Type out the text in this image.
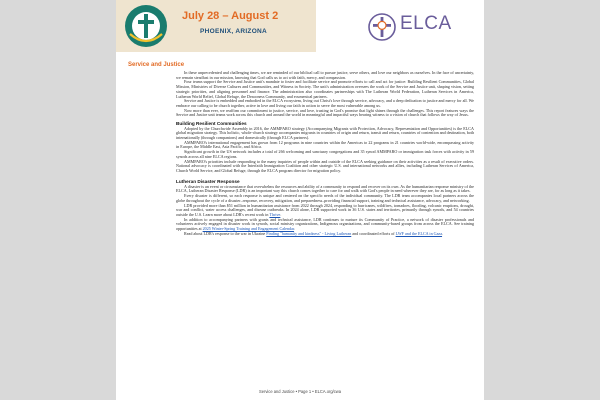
July 28 – August 2
PHOENIX, ARIZONA	ELCA
Service and Justice

In these unprecedented and challenging times, we are reminded of our biblical call to pursue justice, serve others, and love our neighbors as ourselves. In the face of uncertainty, we remain steadfast in our mission, knowing that God calls us to act with faith, mercy, and compassion.

Four teams support the Service and Justice unit's mandate to foster and facilitate service and promote efforts to call and act for justice: Building Resilient Communities, Global Mission, Ministries of Diverse Cultures and Communities, and Witness in Society. The unit's administration oversees the work of the Service and Justice unit, shaping vision, setting strategic priorities, and aligning personnel and finance. The administration also coordinates partnerships with The Lutheran World Federation, Lutheran Services in America, Lutheran World Relief, Global Refuge, the Deaconess Community, and ecumenical partners.

Service and Justice is embedded and embodied in the ELCA ecosystem, living out Christ's love through service, advocacy, and a deep dedication to justice and mercy for all. We embrace our calling to be church together, active in love and living our faith in action to serve the most vulnerable among us.

Now more than ever, we reaffirm our commitment to justice, service, and love, trusting in God's promise that light shines through the challenges. This report features ways the Service and Justice unit teams work across this church and around the world in meaningful and impactful ways bearing witness to a vision of church that follows the way of Jesus.

Building Resilient Communities

Adopted by the Churchwide Assembly in 2016, the AMMPARO strategy (Accompanying Migrants with Protection, Advocacy, Representation and Opportunities) is the ELCA global migration strategy. This holistic, whole-church strategy accompanies migrants in countries of origin and return, transit and return, countries of contention and destination, both internationally (through companions) and domestically (through ELCA partners).

AMMPARO's international engagement has grown from 12 programs in nine countries within the Americas to 22 programs in 21 countries world-wide, encompassing activity in Europe, the Middle East, Asia Pacific, and Africa.

Significant growth in the US network includes a total of 266 welcoming and sanctuary congregations and 35 synod AMMPARO or immigration task forces with activity in 59 synods across all nine ELCA regions.

AMMPARO's priorities include responding to the many inquiries of people within and outside of the ELCA seeking guidance on their activities as a result of executive orders. National advocacy is coordinated with the Interfaith Immigration Coalition and other strategic U.S. and international networks and allies, including Lutheran Services of America, Church World Service, and Global Refuge, through the ELCA program director for migration policy.

Lutheran Disaster Response

A disaster is an event or circumstance that overwhelms the resources and ability of a community to respond and recover on its own. As the humanitarian response ministry of the ELCA, Lutheran Disaster Response (LDR) is an important way this church comes together to care for and walk with God's people in need wherever they are, for as long as it takes.

Every disaster is different, so each response is unique and centered on the specific needs of the individual community. The LDR team accompanies local partners across the globe throughout the cycle of a disaster–response, recovery, mitigation, and preparedness–providing financial support, training and technical assistance, advocacy, and networking.

LDR provided more than $51 million in humanitarian assistance from 2022 through 2024, responding to hurricanes, wildfires, tornadoes, flooding, volcanic eruptions, drought, war and conflict, water access challenges, and disease outbreaks. In 2024 alone, LDR supported work in 36 U.S. states and territories, primarily through synods, and 54 countries outside the U.S. Learn more about LDR's recent work in Thrive.

In addition to accompanying partners with grants and technical assistance, LDR continues to nurture its Community of Practice, a network of disaster professionals and volunteers actively engaged in disaster work in synods, social ministry organizations, Indigenous organizations, and community-based groups from across the ELCA. See training opportunities at 2025 Winter-Spring Training and Engagement Calendar.

Read about LDR's response to the war in Ukraine Finding "humanity and kindness" - Living Lutheran and coordinated efforts of LWF and the ELCA in Gaza.

Service and Justice • Page 1 • ELCA.org/cwa
